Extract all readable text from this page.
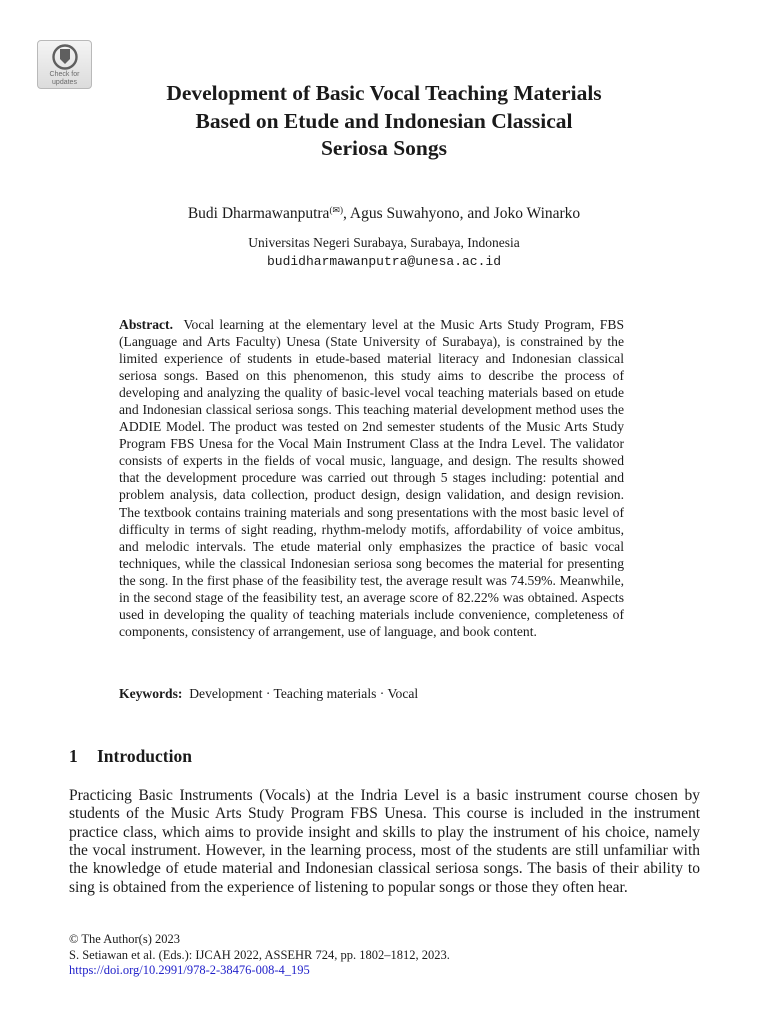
Check for
updates	Development of Basic Vocal Teaching Materials
Based on Etude and Indonesian Classical
Seriosa Songs
Budi Dharmawanputra(✉), Agus Suwahyono, and Joko Winarko
Universitas Negeri Surabaya, Surabaya, Indonesia
budidharmawanputra@unesa.ac.id

Abstract. Vocal learning at the elementary level at the Music Arts Study Program, FBS (Language and Arts Faculty) Unesa (State University of Surabaya), is constrained by the limited experience of students in etude-based material literacy and Indonesian classical seriosa songs. Based on this phenomenon, this study aims to describe the process of developing and analyzing the quality of basic-level vocal teaching materials based on etude and Indonesian classical seriosa songs. This teaching material development method uses the ADDIE Model. The product was tested on 2nd semester students of the Music Arts Study Program FBS Unesa for the Vocal Main Instrument Class at the Indra Level. The validator consists of experts in the fields of vocal music, language, and design. The results showed that the development procedure was carried out through 5 stages including: potential and problem analysis, data collection, product design, design validation, and design revision. The textbook contains training materials and song presentations with the most basic level of difficulty in terms of sight reading, rhythm-melody motifs, affordability of voice ambitus, and melodic intervals. The etude material only emphasizes the practice of basic vocal techniques, while the classical Indonesian seriosa song becomes the material for presenting the song. In the first phase of the feasibility test, the average result was 74.59%. Meanwhile, in the second stage of the feasibility test, an average score of 82.22% was obtained. Aspects used in developing the quality of teaching materials include convenience, completeness of components, consistency of arrangement, use of language, and book content.

Keywords: Development · Teaching materials · Vocal
1 Introduction

Practicing Basic Instruments (Vocals) at the Indria Level is a basic instrument course chosen by students of the Music Arts Study Program FBS Unesa. This course is included in the instrument practice class, which aims to provide insight and skills to play the instrument of his choice, namely the vocal instrument. However, in the learning process, most of the students are still unfamiliar with the knowledge of etude material and Indonesian classical seriosa songs. The basis of their ability to sing is obtained from the experience of listening to popular songs or those they often hear.

© The Author(s) 2023
S. Setiawan et al. (Eds.): IJCAH 2022, ASSEHR 724, pp. 1802–1812, 2023.
https://doi.org/10.2991/978-2-38476-008-4_195
